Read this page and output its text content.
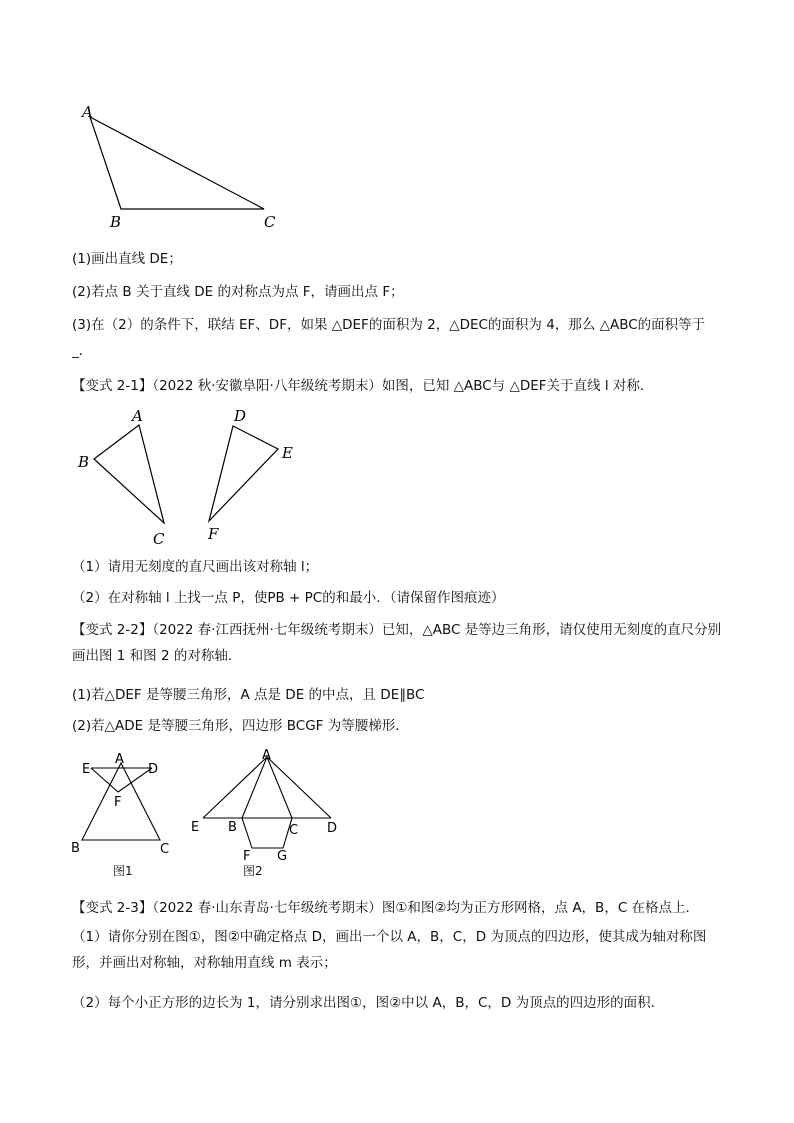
A
B	C
(1)画出直线 DE；
(2)若点 B 关于直线 DE 的对称点为点 F，请画出点 F；
(3)在（2）的条件下，联结 EF、DF，如果 △DEF的面积为 2，△DEC的面积为 4，那么 △ABC的面积等于_．
【变式 2-1】（2022 秋·安徽阜阳·八年级统考期末）如图，已知 △ABC与 △DEF关于直线 l 对称．
A
B
C
D
E
F
（1）请用无刻度的直尺画出该对称轴 l；
（2）在对称轴 l 上找一点 P，使PB + PC的和最小．（请保留作图痕迹）
【变式 2-2】（2022 春·江西抚州·七年级统考期末）已知，△ABC 是等边三角形，请仅使用无刻度的直尺分别画出图 1 和图 2 的对称轴．
(1)若△DEF 是等腰三角形，A 点是 DE 的中点，且 DE∥BC
(2)若△ADE 是等腰三角形，四边形 BCGF 为等腰梯形．
E
A
D
F
B	C
图1
A
E B	C D
F G
图2
【变式 2-3】（2022 春·山东青岛·七年级统考期末）图①和图②均为正方形网格，点 A，B，C 在格点上．
（1）请你分别在图①，图②中确定格点 D，画出一个以 A，B，C，D 为顶点的四边形，使其成为轴对称图形，并画出对称轴，对称轴用直线 m 表示；
（2）每个小正方形的边长为 1，请分别求出图①，图②中以 A，B，C，D 为顶点的四边形的面积．
